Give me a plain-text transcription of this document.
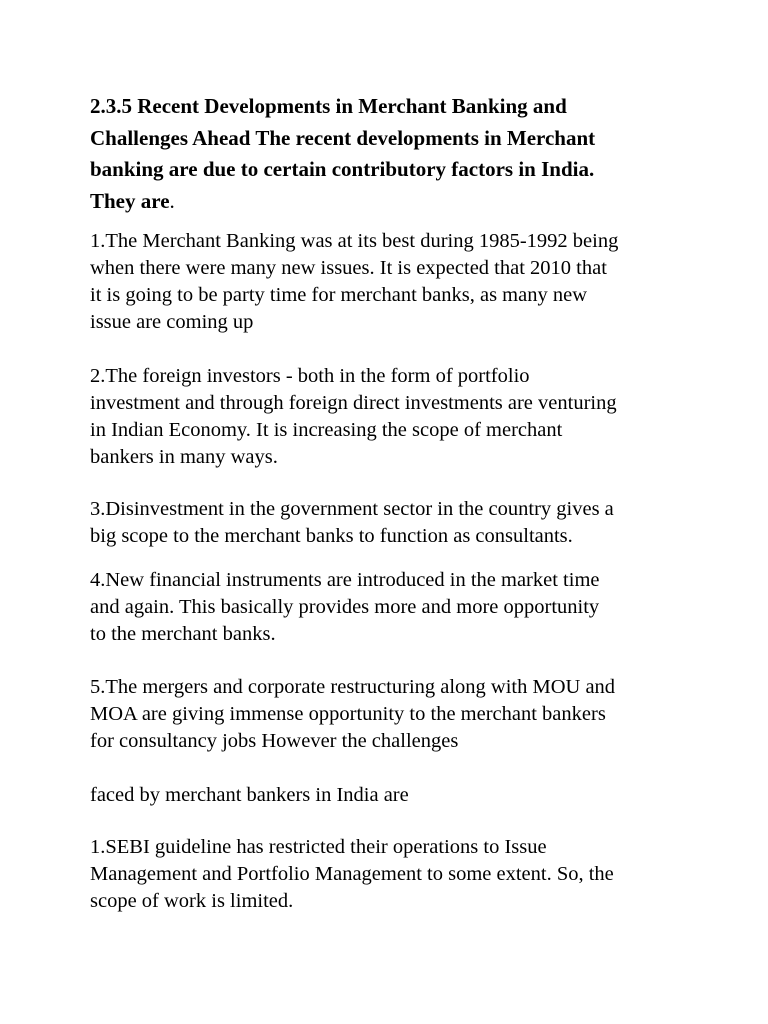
2.3.5 Recent Developments in Merchant Banking and
Challenges Ahead The recent developments in Merchant
banking are due to certain contributory factors in India.
They are.

1.The Merchant Banking was at its best during 1985-1992 being
when there were many new issues. It is expected that 2010 that
it is going to be party time for merchant banks, as many new
issue are coming up

2.The foreign investors - both in the form of portfolio
investment and through foreign direct investments are venturing
in Indian Economy. It is increasing the scope of merchant
bankers in many ways.

3.Disinvestment in the government sector in the country gives a
big scope to the merchant banks to function as consultants.

4.New financial instruments are introduced in the market time
and again. This basically provides more and more opportunity
to the merchant banks.

5.The mergers and corporate restructuring along with MOU and
MOA are giving immense opportunity to the merchant bankers
for consultancy jobs However the challenges

faced by merchant bankers in India are

1.SEBI guideline has restricted their operations to Issue
Management and Portfolio Management to some extent. So, the
scope of work is limited.
